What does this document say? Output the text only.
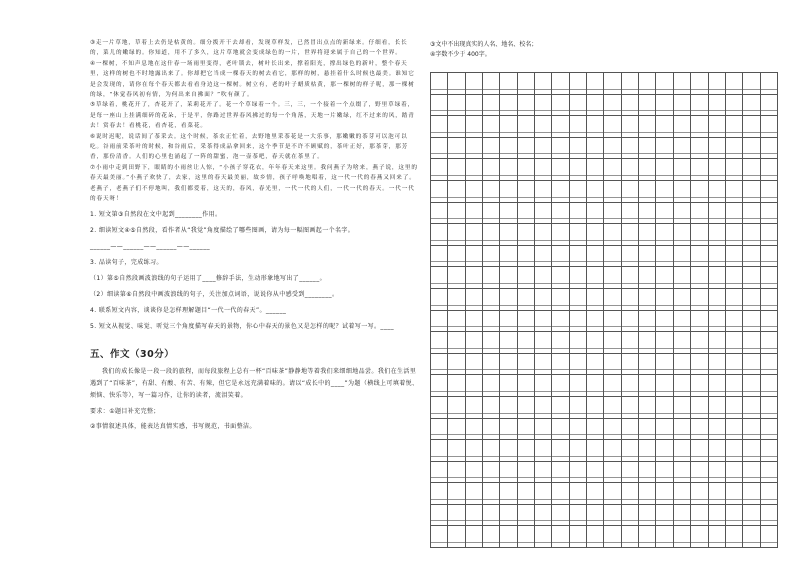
③走一片草地，草着上去仍是枯黄的。细分拨开干去却看，发现草样发，已然冒出点点的新绿来。仔细看，长长的，菜儿的嫩绿的。你知道，用不了多久，这片草地就会变成绿色的一片，世界将迎来属于自己的一个世界。

④一棵树，不知声息地在这什春一场雨里变得，老叶锁去，树叶长出来，撑着阳光，撑出绿色的新叶，整个春天里，这样的树也不时地露出来了。你却把它当成一棵春天的树去看它，那样的树，悬挂着什么时候也最美。谁知它是会发现的，请你在每个春天都去看看身边这一棵树。树立有，老的叶子蜡质枯黄，那一棵树的样子呢，那一棵树的绿，“休觉春风初有情，为何出来自拂面？”吹有颜了。

⑤草绿着，桃花开了，杏花开了，茉莉花开了。花一个草绿着一个。三，三，一个接着一个点缀了，野里草绿着，是每一座山上挂满细碎的花朵，于是平，你路过世界春风拂过的每一个角落，天地一片嫩绿，红不过来的风，踏青去！赏春去！看桃花，看杏花，看菜花。

⑥说时迟呢，说话间了茶采去。这个时候，茶农正忙着，去野地里采茶花是一大乐事，那嫩嫩的茶芽可以泡可以吃。谷雨前采茶叶的时候，和谷雨后，采茶得成品拿回来，这个季节是不许不顾赋的，茶叶正好，那茶芽，那芳香，那份清香。人们的心里也涌起了一阵的甜蜜，泡一壶茶吧，春天就在茶里了。

⑦小雨中走到田野下，眼睛的小雨丝让人惊，“小孩子穿花衣，年年春天来这里。我问燕子为啥来，燕子说，这里的春天最美丽。”小燕子欢快了，去家，这里的春天最美丽，故乡情，孩子呼唤地唱着，这一代一代的春燕又回来了。老燕子，老燕子们不停地叫，我们都爱着，这天的，春风，春光里，一代一代的人们，一代一代的春天。一代一代的春天呀！

1. 短文第③自然段在文中起到________作用。

2. 细读短文④⑤自然段，看作者从“我觉”角度描绘了哪些图画，请为每一幅图画起一个名字。

______——______——______——______

3. 品读句子，完成练习。

（1）第⑤自然段画波浪线的句子运用了____修辞手法，生动形象地写出了______。

（2）细读第⑥自然段中画波浪线的句子，关注加点词语，说说你从中感受到________。

4. 联系短文内容，谈谈你是怎样理解题目“一代一代的春天”。______

5. 短文从视觉、味觉、听觉三个角度描写春天的景物，你心中春天的景色又是怎样的呢？试着写一写。____

五、作文（30分）

我们的成长像是一段一段的旅程，而每段旅程上总有一杯“百味茶”静静地等着我们来细细地品尝。我们在生活里遇到了“百味茶”，有甜、有酸、有苦、有辣，但它是永远充满着味的。请以“成长中的____”为题（横线上可填着悦、烦恼、快乐等），写一篇习作，让你的读者，流泪笑着。

要求：①题目补充完整；

②事情叙述具体，能表达真情实感，书写规范，书面整洁。

③文中不出现真实的人名、地名、校名；

④字数不少于 400字。
